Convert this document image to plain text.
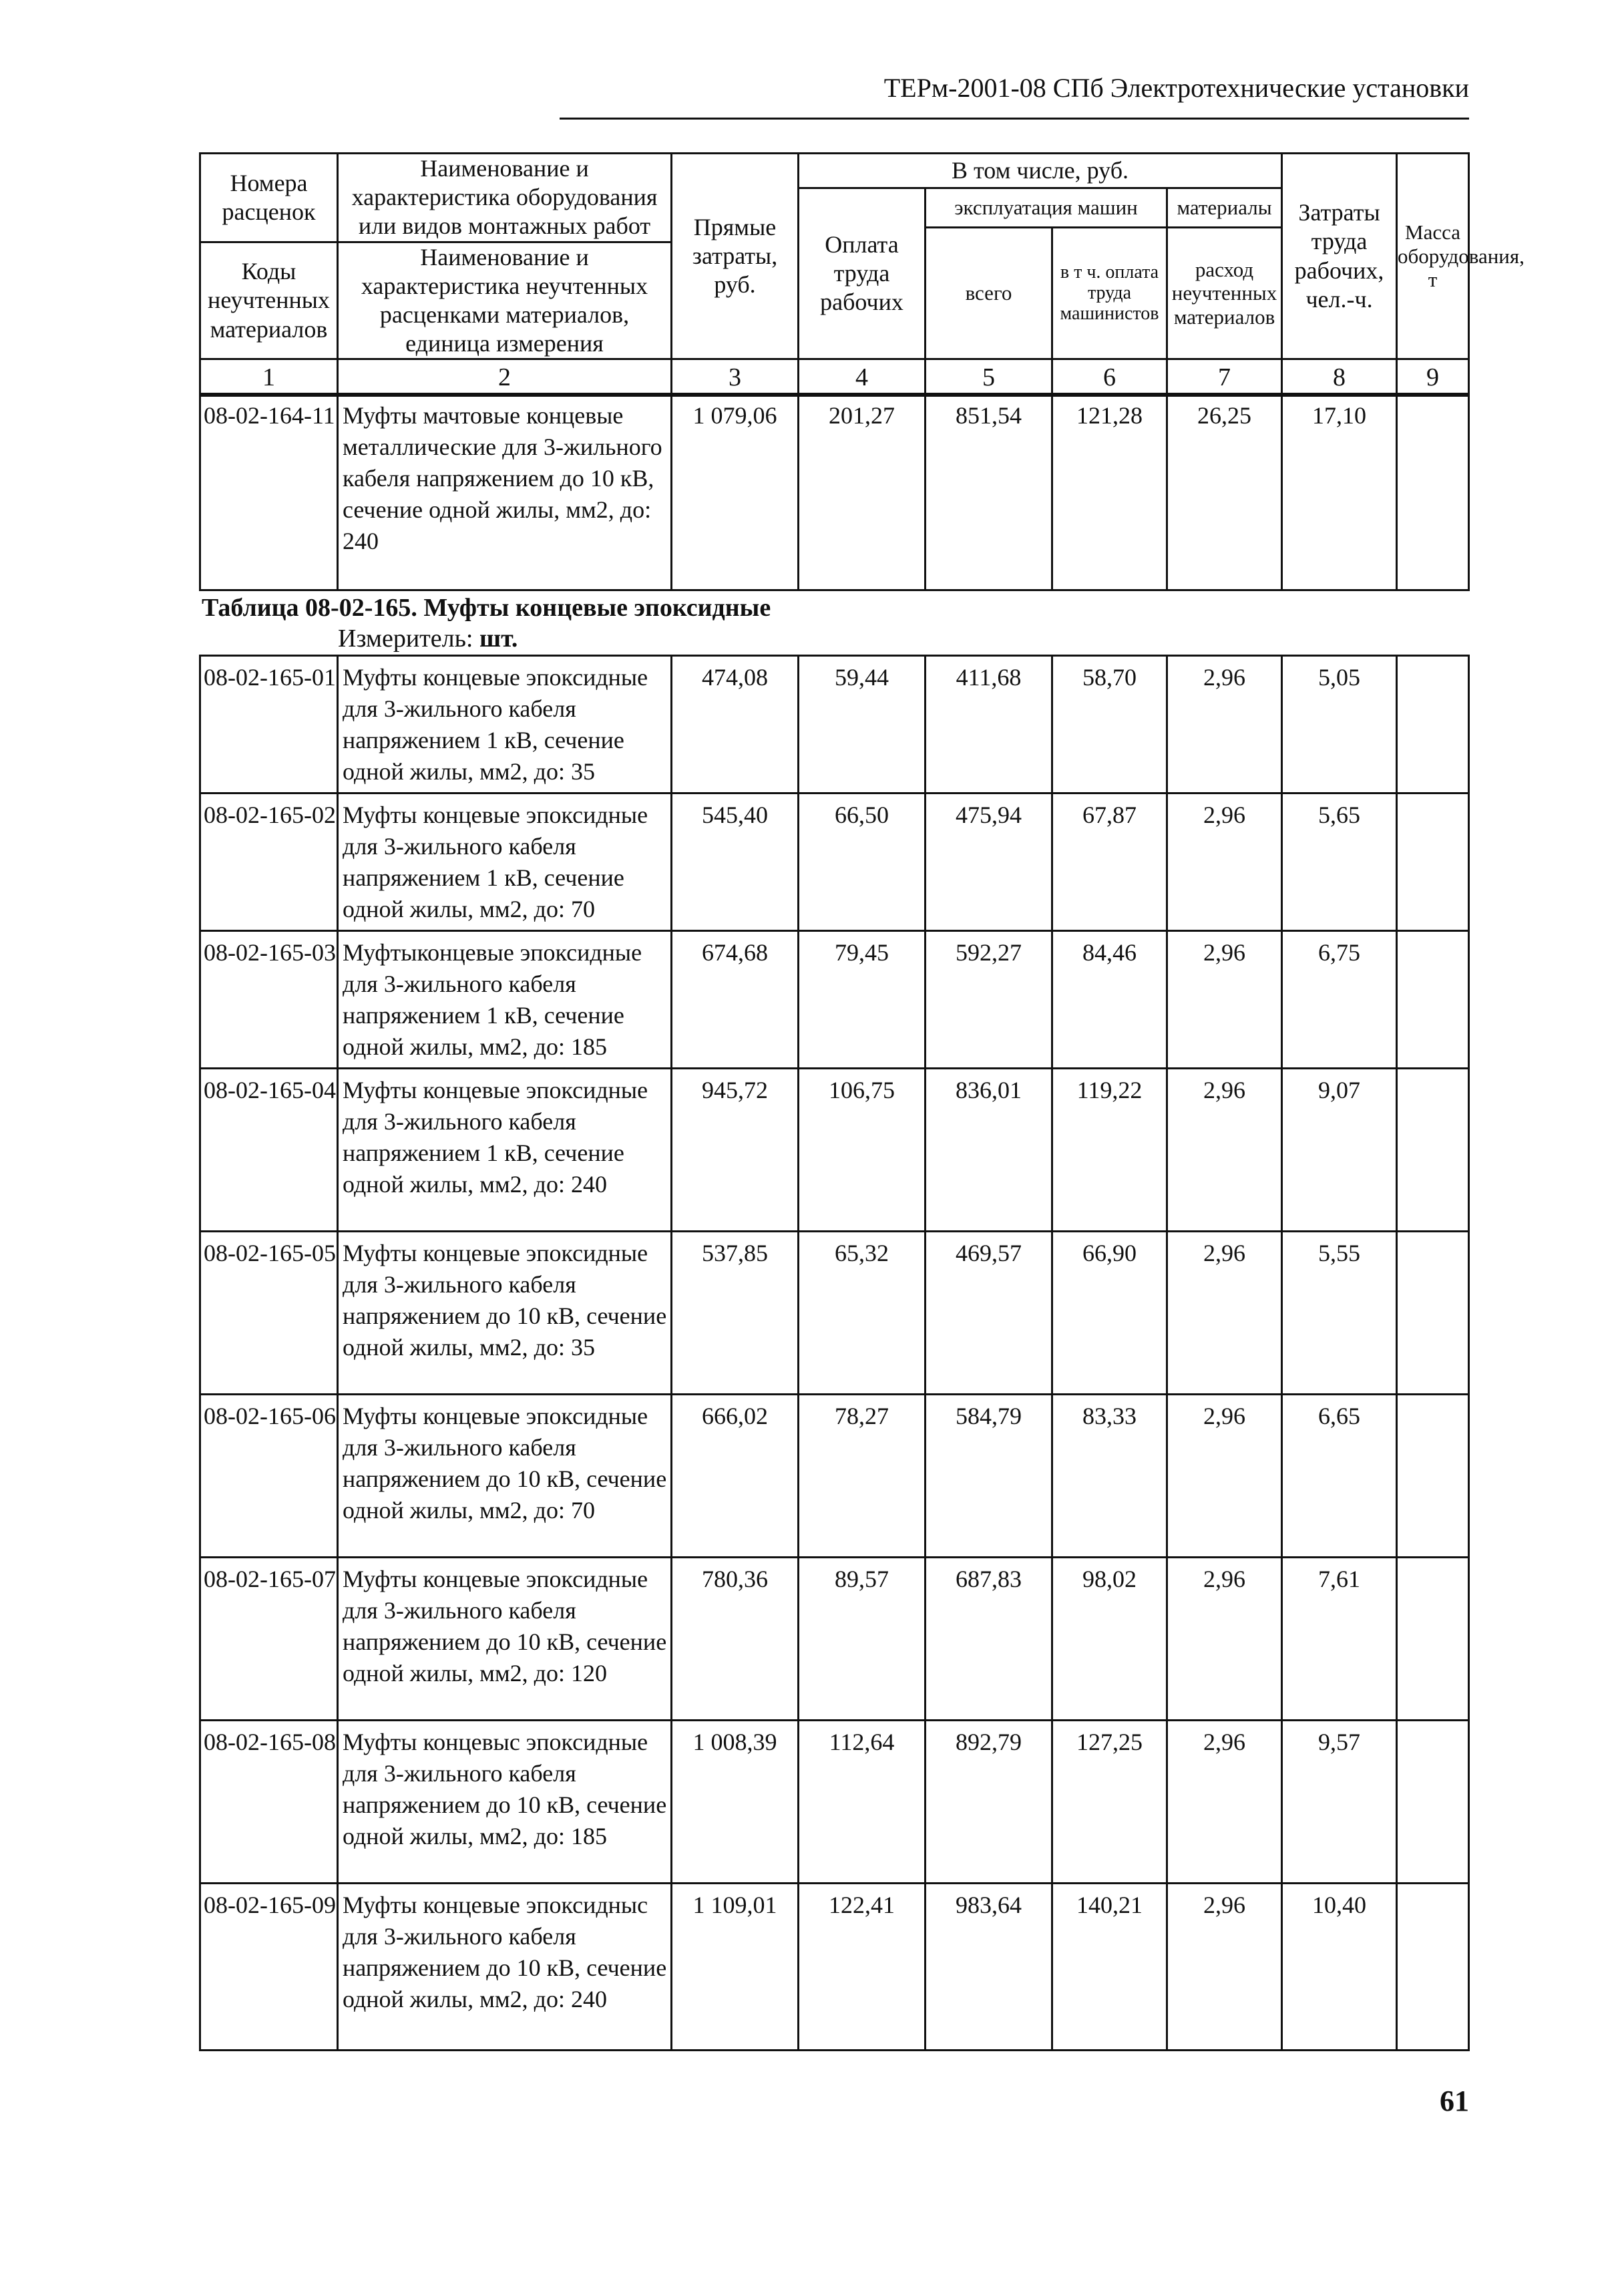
ТЕРм-2001-08 СПб Электротехнические установки
Номера расценок	Наименование и характеристика оборудования или видов монтажных работ	Прямые затраты, руб.	В том числе, руб.				Затраты труда рабочих, чел.-ч.	Масса оборудования, т
			Оплата труда рабочих	эксплуатация машин		материалы		
				всего	в т ч. оплата труда машинистов	расход неучтенных материалов		
Коды неучтенных материалов	Наименование и характеристика неучтенных расценками материалов, единица измерения							

1	2	3	4	5	6	7	8	9
08-02-164-11	Муфты мачтовые концевые металлические для 3-жильного кабеля напряжением до 10 кВ, сечение одной жилы, мм2, до: 240	1 079,06	201,27	851,54	121,28	26,25	17,10	
Таблица 08-02-165. Муфты концевые эпоксидные
Измеритель: шт.
08-02-165-01	Муфты концевые эпоксидные для 3-жильного кабеля напряжением 1 кВ, сечение одной жилы, мм2, до: 35	474,08	59,44	411,68	58,70	2,96	5,05	
08-02-165-02	Муфты концевые эпоксидные для 3-жильного кабеля напряжением 1 кВ, сечение одной жилы, мм2, до: 70	545,40	66,50	475,94	67,87	2,96	5,65	
08-02-165-03	Муфтыконцевые эпоксидные для 3-жильного кабеля напряжением 1 кВ, сечение одной жилы, мм2, до: 185	674,68	79,45	592,27	84,46	2,96	6,75	
08-02-165-04	Муфты концевые эпоксидные для 3-жильного кабеля напряжением 1 кВ, сечение одной жилы, мм2, до: 240	945,72	106,75	836,01	119,22	2,96	9,07	
08-02-165-05	Муфты концевые эпоксидные для 3-жильного кабеля напряжением до 10 кВ, сечение одной жилы, мм2, до: 35	537,85	65,32	469,57	66,90	2,96	5,55	
08-02-165-06	Муфты концевые эпоксидные для 3-жильного кабеля напряжением до 10 кВ, сечение одной жилы, мм2, до: 70	666,02	78,27	584,79	83,33	2,96	6,65	
08-02-165-07	Муфты концевые эпоксидные для 3-жильного кабеля напряжением до 10 кВ, сечение одной жилы, мм2, до: 120	780,36	89,57	687,83	98,02	2,96	7,61	
08-02-165-08	Муфты концевыс эпоксидные для 3-жильного кабеля напряжением до 10 кВ, сечение одной жилы, мм2, до: 185	1 008,39	112,64	892,79	127,25	2,96	9,57	
08-02-165-09	Муфты концевые эпоксидныс для 3-жильного кабеля напряжением до 10 кВ, сечение одной жилы, мм2, до: 240	1 109,01	122,41	983,64	140,21	2,96	10,40	
61
